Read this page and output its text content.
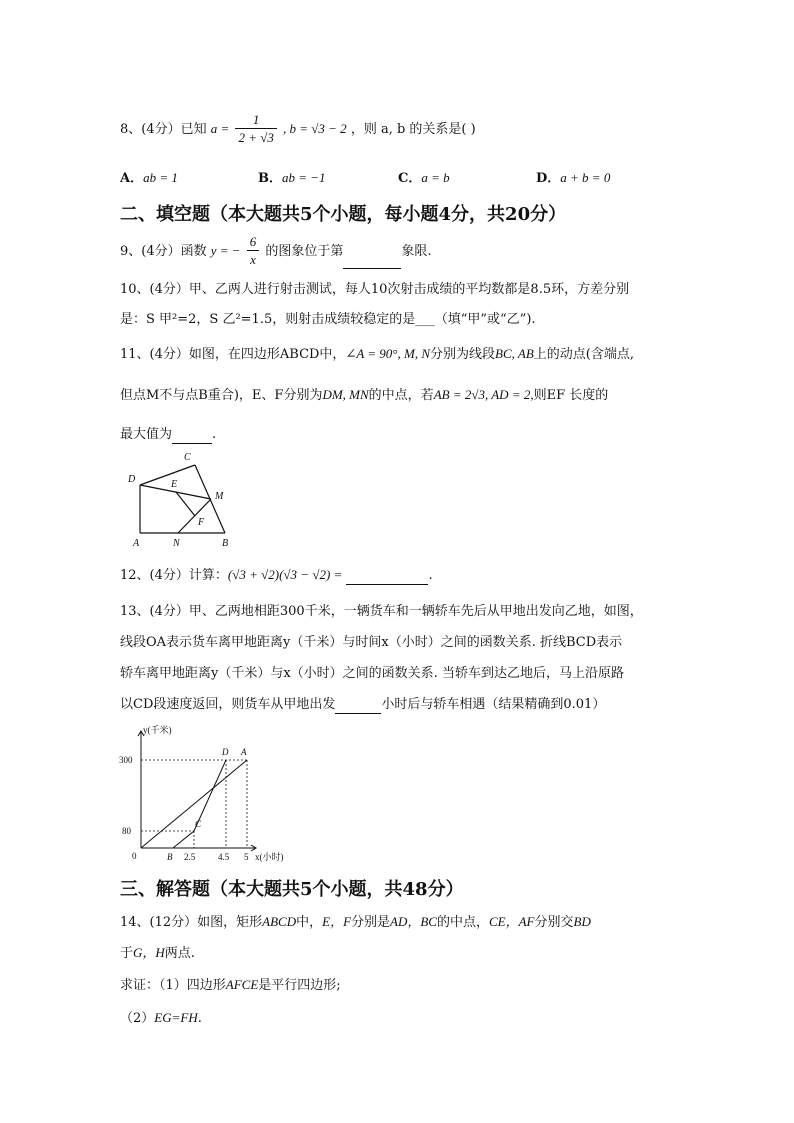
8、(4分）已知 $a = \frac{1}{2 + √3}$ , b = √3 − 2 ，则 a, b 的关系是( )
A．ab = 1	B．ab = −1	C．a = b	D．a + b = 0
二、填空题（本大题共5个小题，每小题4分，共20分）
9、(4分）函数 y = − $\frac{6}{x}$ 的图象位于第	象限.
10、(4分）甲、乙两人进行射击测试，每人10次射击成绩的平均数都是8.5环，方差分别
是：S 甲²=2，S 乙²=1.5，则射击成绩较稳定的是___（填“甲”或“乙”).
11、(4分）如图，在四边形ABCD中，∠A = 90°, M, N分别为线段BC, AB上的动点(含端点,
但点M不与点B重合)，E、F分别为DM, MN的中点，若AB = 2√3, AD = 2,则EF 长度的
最大值为	.
C
D	E
M
F
A	N	B
12、(4分）计算：(√3 + √2)(√3 − √2) =	.
13、(4分）甲、乙两地相距300千米，一辆货车和一辆轿车先后从甲地出发向乙地，如图，
线段OA表示货车离甲地距离y（千米）与时间x（小时）之间的函数关系. 折线BCD表示
轿车离甲地距离y（千米）与x（小时）之间的函数关系. 当轿车到达乙地后，马上沿原路
以CD段速度返回，则货车从甲地出发	小时后与轿车相遇（结果精确到0.01）
y(千米)
x(小时)
300
80
0	B 2.5	4.5 5
D A
C
三、解答题（本大题共5个小题，共48分）
14、(12分）如图，矩形ABCD中，E，F分别是AD，BC的中点，CE，AF分别交BD
于G，H两点.
求证：（1）四边形AFCE是平行四边形;
（2）EG=FH.
